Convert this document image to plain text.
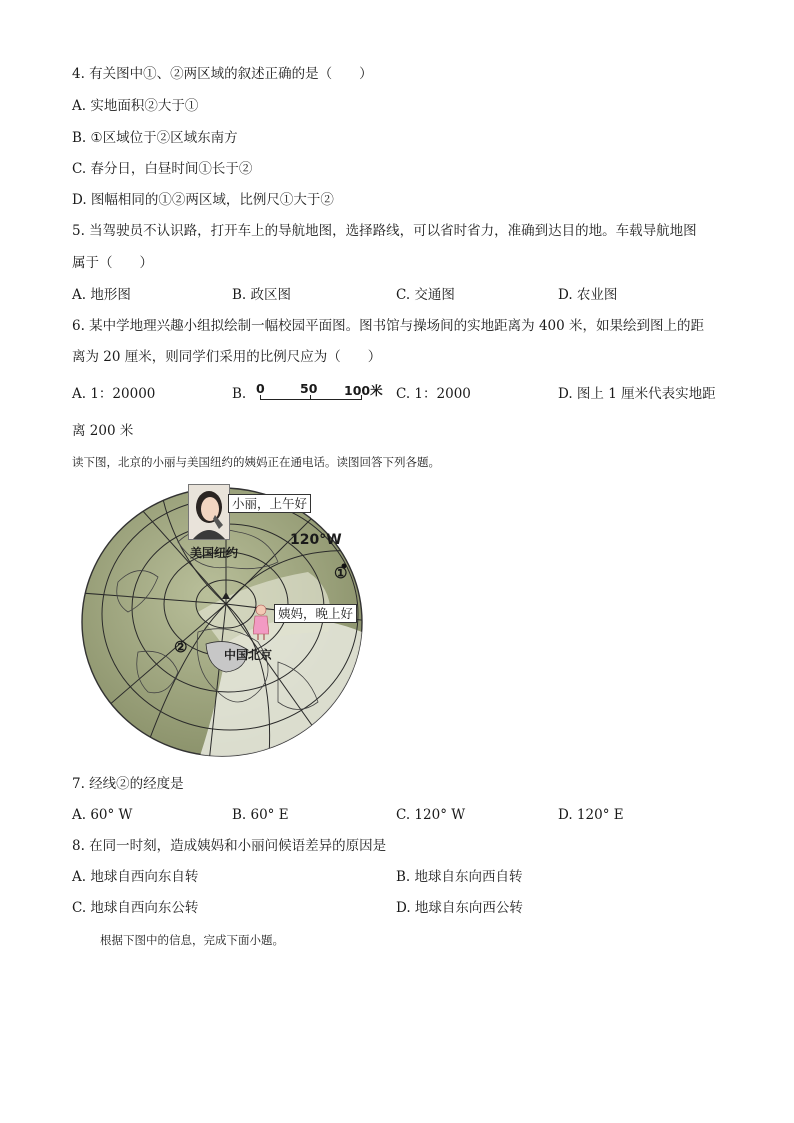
4. 有关图中①、②两区域的叙述正确的是（　　）
A. 实地面积②大于①
B. ①区域位于②区域东南方
C. 春分日，白昼时间①长于②
D. 图幅相同的①②两区域，比例尺①大于②
5. 当驾驶员不认识路，打开车上的导航地图，选择路线，可以省时省力，准确到达目的地。车载导航地图
属于（　　）
A. 地形图	B. 政区图	C. 交通图	D. 农业图
6. 某中学地理兴趣小组拟绘制一幅校园平面图。图书馆与操场间的实地距离为 400 米，如果绘到图上的距
离为 20 厘米，则同学们采用的比例尺应为（　　）
A. 1：20000	B. 0	50 100米 C. 1：2000	D. 图上 1 厘米代表实地距
离 200 米
读下图，北京的小丽与美国纽约的姨妈正在通电话。读图回答下列各题。
小丽，上午好
姨妈，晚上好
美国纽约
中国北京
120°W
①
②
7. 经线②的经度是
A. 60° W	B. 60° E	C. 120° W	D. 120° E
8. 在同一时刻，造成姨妈和小丽问候语差异的原因是
A. 地球自西向东自转	B. 地球自东向西自转
C. 地球自西向东公转	D. 地球自东向西公转
根据下图中的信息，完成下面小题。
